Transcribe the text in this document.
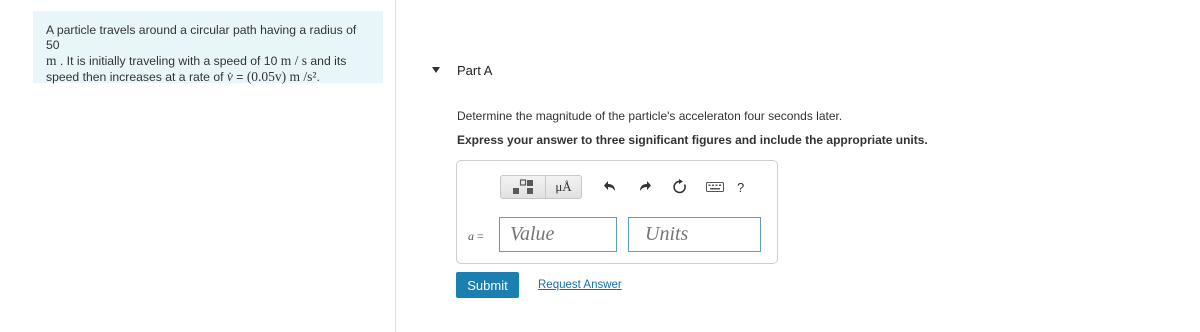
A particle travels around a circular path having a radius of 50
m . It is initially traveling with a speed of 10 m / s and its
speed then increases at a rate of v̇ = (0.05v) m /s².	Part A
Determine the magnitude of the particle's acceleraton four seconds later.
Express your answer to three significant figures and include the appropriate units.
μÅ	?
a =	Value	Units
Submit	Request Answer
